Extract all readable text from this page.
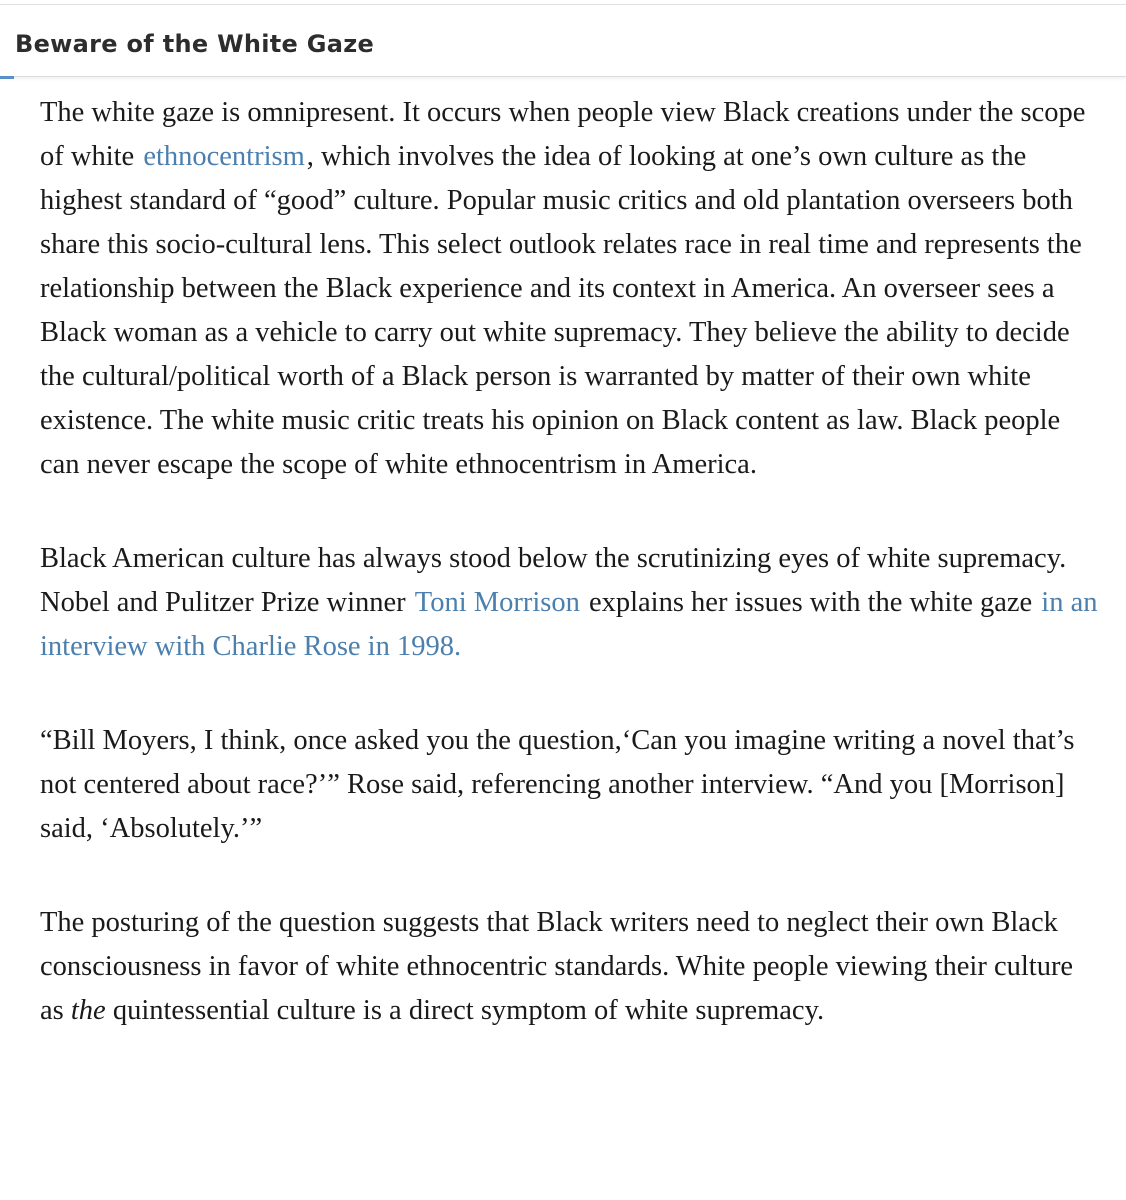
Beware of the White Gaze

The white gaze is omnipresent. It occurs when people view Black creations under the scope of white ethnocentrism, which involves the idea of looking at one’s own culture as the highest standard of “good” culture. Popular music critics and old plantation overseers both share this socio-cultural lens. This select outlook relates race in real time and represents the relationship between the Black experience and its context in America. An overseer sees a Black woman as a vehicle to carry out white supremacy. They believe the ability to decide the cultural/political worth of a Black person is warranted by matter of their own white existence. The white music critic treats his opinion on Black content as law. Black people can never escape the scope of white ethnocentrism in America.

Black American culture has always stood below the scrutinizing eyes of white supremacy. Nobel and Pulitzer Prize winner Toni Morrison explains her issues with the white gaze in an interview with Charlie Rose in 1998.

“Bill Moyers, I think, once asked you the question,‘Can you imagine writing a novel that’s not centered about race?’” Rose said, referencing another interview. “And you [Morrison] said, ‘Absolutely.’”

The posturing of the question suggests that Black writers need to neglect their own Black consciousness in favor of white ethnocentric standards. White people viewing their culture as the quintessential culture is a direct symptom of white supremacy.
